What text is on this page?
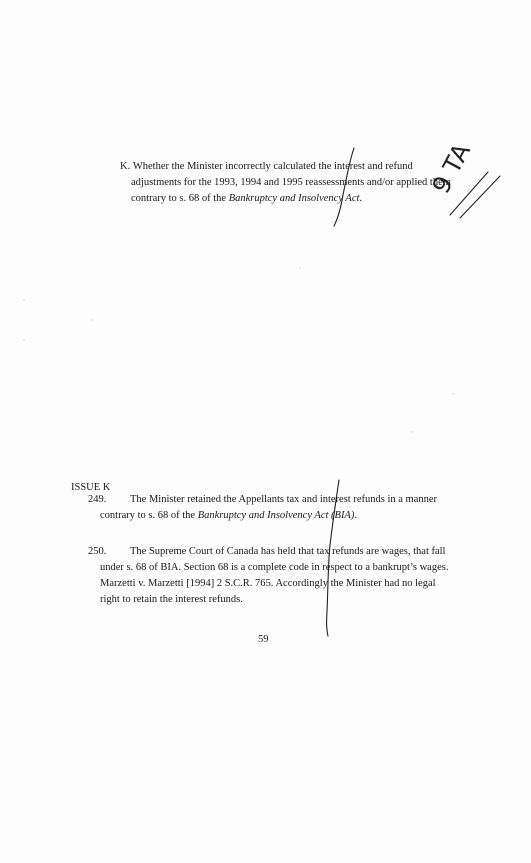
K. Whether the Minister incorrectly calculated the interest and refund
adjustments for the 1993, 1994 and 1995 reassessments and/or applied them
contrary to s. 68 of the Bankruptcy and Insolvency Act.
ISSUE K
249. The Minister retained the Appellants tax and interest refunds in a manner
contrary to s. 68 of the Bankruptcy and Insolvency Act (BIA).
250. The Supreme Court of Canada has held that tax refunds are wages, that fall
under s. 68 of BIA. Section 68 is a complete code in respect to a bankrupt’s wages.
Marzetti v. Marzetti [1994] 2 S.C.R. 765. Accordingly the Minister had no legal
right to retain the interest refunds.
59
9 TA
